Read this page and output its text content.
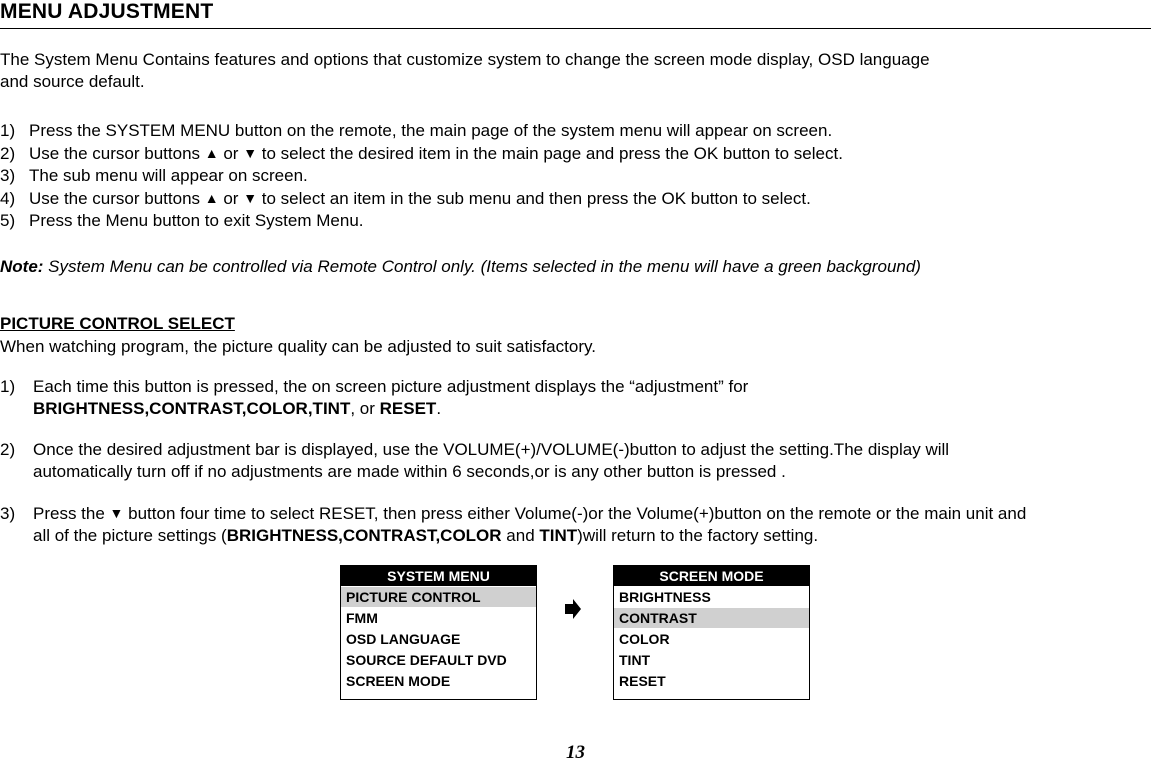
MENU ADJUSTMENT

The System Menu Contains features and options that customize system to change the screen mode display, OSD language

and source default.

1) Press the SYSTEM MENU button on the remote, the main page of the system menu will appear on screen.
2) Use the cursor buttons ▲ or ▼ to select the desired item in the main page and press the OK button to select.
3) The sub menu will appear on screen.
4) Use the cursor buttons ▲ or ▼ to select an item in the sub menu and then press the OK button to select.
5) Press the Menu button to exit System Menu.
Note: System Menu can be controlled via Remote Control only. (Items selected in the menu will have a green background)
PICTURE CONTROL SELECT
When watching program, the picture quality can be adjusted to suit satisfactory.
1) Each time this button is pressed, the on screen picture adjustment displays the “adjustment” for
BRIGHTNESS,CONTRAST,COLOR,TINT, or RESET.
2) Once the desired adjustment bar is displayed, use the VOLUME(+)/VOLUME(-)button to adjust the setting.The display will
automatically turn off if no adjustments are made within 6 seconds,or is any other button is pressed .
3) Press the ▼ button four time to select RESET, then press either Volume(-)or the Volume(+)button on the remote or the main unit and
all of the picture settings (BRIGHTNESS,CONTRAST,COLOR and TINT)will return to the factory setting.
SYSTEM MENU
PICTURE CONTROL
FMM
OSD LANGUAGE
SOURCE DEFAULT DVD
SCREEN MODE
SCREEN MODE
BRIGHTNESS
CONTRAST
COLOR
TINT
RESET
13
